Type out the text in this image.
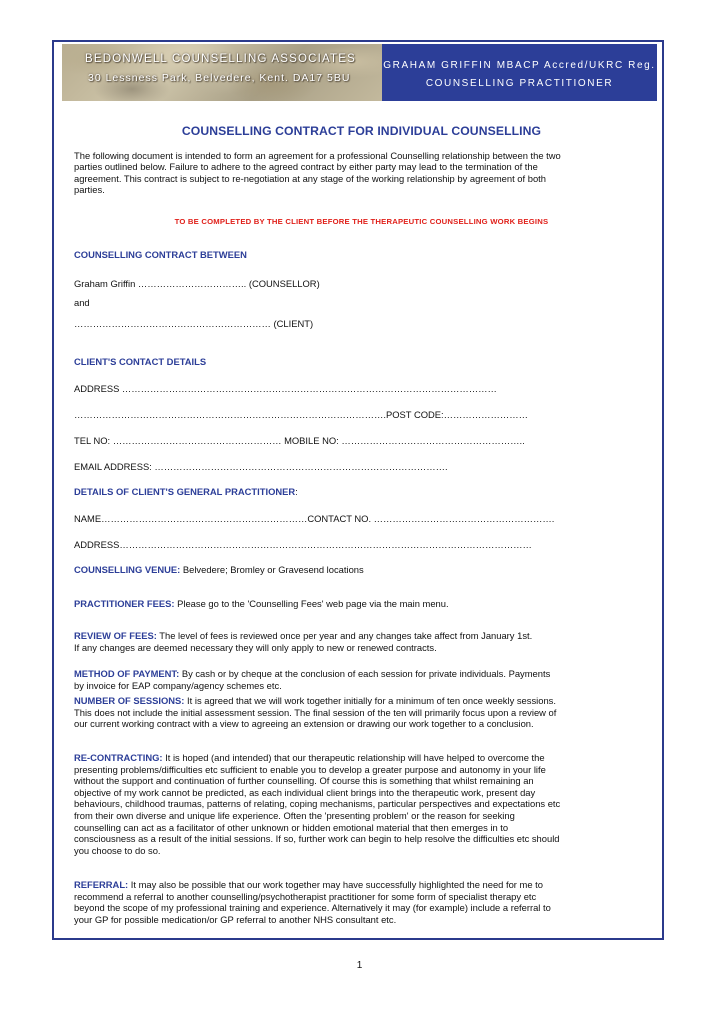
BEDONWELL COUNSELLING ASSOCIATES
30 Lessness Park, Belvedere, Kent. DA17 5BU
GRAHAM GRIFFIN MBACP Accred/UKRC Reg.
COUNSELLING PRACTITIONER
COUNSELLING CONTRACT FOR INDIVIDUAL COUNSELLING
The following document is intended to form an agreement for a professional Counselling relationship between the two
parties outlined below. Failure to adhere to the agreed contract by either party may lead to the termination of the
agreement. This contract is subject to re-negotiation at any stage of the working relationship by agreement of both
parties.
TO BE COMPLETED BY THE CLIENT BEFORE THE THERAPEUTIC COUNSELLING WORK BEGINS
COUNSELLING CONTRACT BETWEEN
Graham Griffin …………………………….. (COUNSELLOR)
and
……………………………………………………… (CLIENT)
CLIENT'S CONTACT DETAILS
ADDRESS …………………………………………………………………………………………………………
……………………………………………………………………………………….POST CODE:………………………
TEL NO: ……………………………………………… MOBILE NO: …………………………………………………..
EMAIL ADDRESS: ………………………………………………………………………………….
DETAILS OF CLIENT'S GENERAL PRACTITIONER:
NAME…………………………………………………………CONTACT NO. ………………………………………………….
ADDRESS……………………………………………………………………………………………………………………
COUNSELLING VENUE: Belvedere; Bromley or Gravesend locations
PRACTITIONER FEES: Please go to the 'Counselling Fees' web page via the main menu.
REVIEW OF FEES: The level of fees is reviewed once per year and any changes take affect from January 1st.
If any changes are deemed necessary they will only apply to new or renewed contracts.
METHOD OF PAYMENT: By cash or by cheque at the conclusion of each session for private individuals. Payments
by invoice for EAP company/agency schemes etc.
NUMBER OF SESSIONS: It is agreed that we will work together initially for a minimum of ten once weekly sessions.
This does not include the initial assessment session. The final session of the ten will primarily focus upon a review of
our current working contract with a view to agreeing an extension or drawing our work together to a conclusion.
RE-CONTRACTING: It is hoped (and intended) that our therapeutic relationship will have helped to overcome the
presenting problems/difficulties etc sufficient to enable you to develop a greater purpose and autonomy in your life
without the support and continuation of further counselling. Of course this is something that whilst remaining an
objective of my work cannot be predicted, as each individual client brings into the therapeutic work, present day
behaviours, childhood traumas, patterns of relating, coping mechanisms, particular perspectives and expectations etc
from their own diverse and unique life experience. Often the 'presenting problem' or the reason for seeking
counselling can act as a facilitator of other unknown or hidden emotional material that then emerges in to
consciousness as a result of the initial sessions. If so, further work can begin to help resolve the difficulties etc should
you choose to do so.
REFERRAL: It may also be possible that our work together may have successfully highlighted the need for me to
recommend a referral to another counselling/psychotherapist practitioner for some form of specialist therapy etc
beyond the scope of my professional training and experience. Alternatively it may (for example) include a referral to
your GP for possible medication/or GP referral to another NHS consultant etc.
1
